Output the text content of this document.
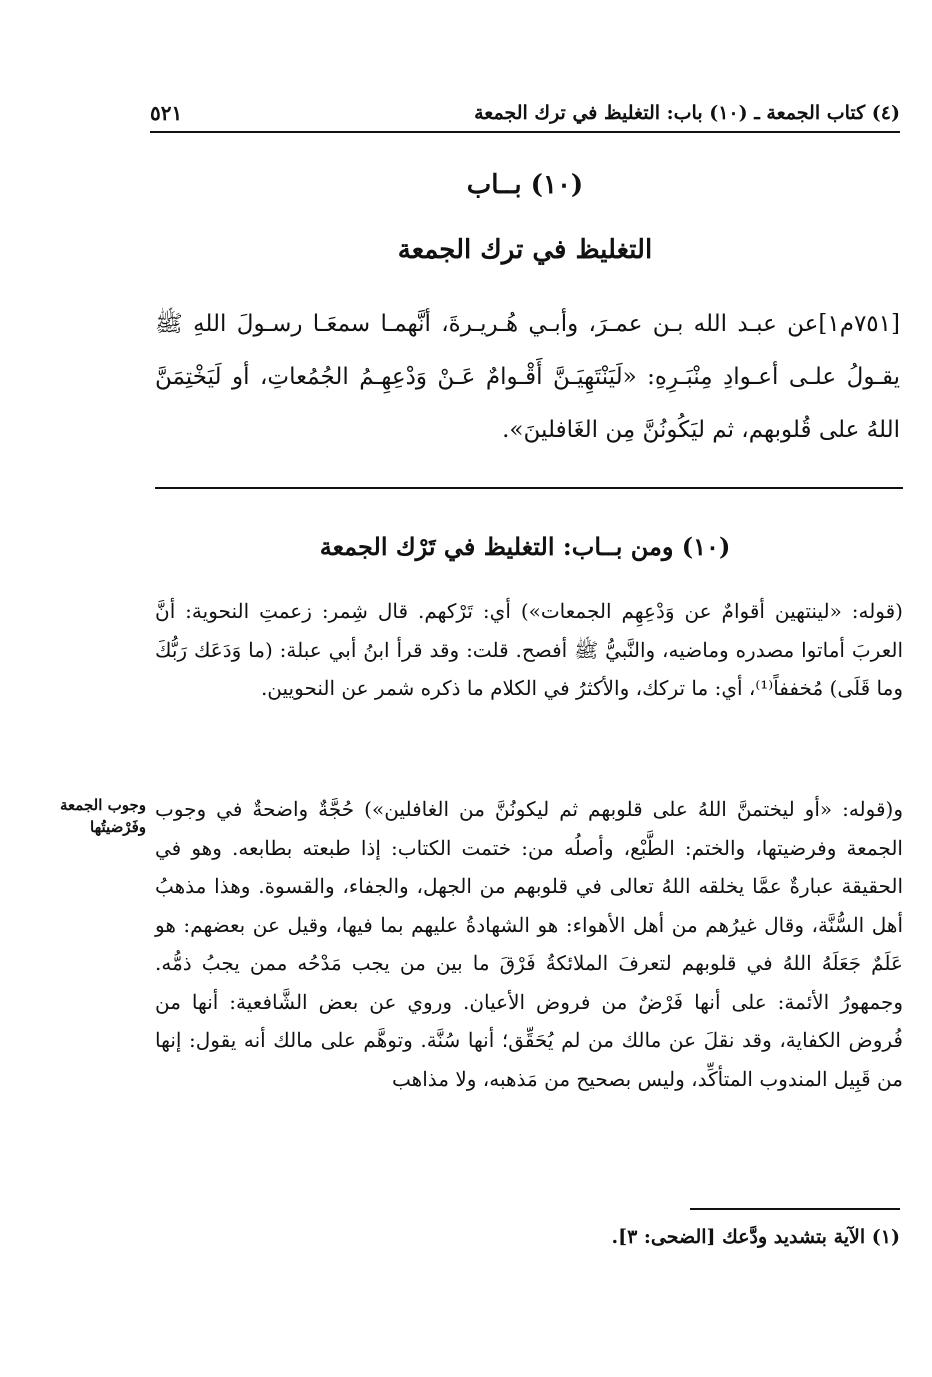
(٤) كتاب الجمعة ـ (١٠) باب: التغليظ في ترك الجمعة
٥٢١
(١٠) بــاب
التغليظ في ترك الجمعة
[٧٥١م١]عن عبـد الله بـن عمـرَ، وأبـي هُـريـرةَ، أنَّهمـا سمعَـا رسـولَ اللهِ ﷺ يقـولُ علـى أعـوادِ مِنْبَـرِهِ: «لَيَنْتَهِيَـنَّ أَقْـوامٌ عَـنْ وَدْعِهِـمُ الجُمُعاتِ، أو لَيَخْتِمَنَّ اللهُ على قُلوبهم، ثم ليَكُونُنَّ مِن الغَافلينَ».
(١٠) ومن بــاب: التغليظ في تَرْك الجمعة
(قوله: «لينتهين أقوامٌ عن وَدْعِهِم الجمعات») أي: تَرْكهم. قال شِمر: زعمتِ النحوية: أنَّ العربَ أماتوا مصدره وماضيه، والنَّبيُّ ﷺ أفصح. قلت: وقد قرأ ابنُ أبي عبلة: (ما وَدَعَك رَبُّكَ وما قَلَى) مُخففاً⁽¹⁾، أي: ما تركك، والأكثرُ في الكلام ما ذكره شمر عن النحويين.
و(قوله: «أو ليختمنَّ اللهُ على قلوبهم ثم ليكونُنَّ من الغافلين») حُجَّةٌ واضحةٌ في وجوب الجمعة وفرضيتها، والختم: الطَّبْع، وأصلُه من: ختمت الكتاب: إذا طبعته بطابعه. وهو في الحقيقة عبارةٌ عمَّا يخلقه اللهُ تعالى في قلوبهم من الجهل، والجفاء، والقسوة. وهذا مذهبُ أهل السُّنَّة، وقال غيرُهم من أهل الأهواء: هو الشهادةُ عليهم بما فيها، وقيل عن بعضهم: هو عَلَمٌ جَعَلَهُ اللهُ في قلوبهم لتعرفَ الملائكةُ فَرْقَ ما بين من يجب مَدْحُه ممن يجبُ ذمُّه. وجمهورُ الأئمة: على أنها فَرْضٌ من فروض الأعيان. وروي عن بعض الشَّافعية: أنها من فُروض الكفاية، وقد نقلَ عن مالك من لم يُحَقِّق؛ أنها سُنَّة. وتوهَّم على مالك أنه يقول: إنها من قَبِيل المندوب المتأكِّد، وليس بصحيح من مَذهبه، ولا مذاهب
وجوب الجمعة وفَرْضيتُها
(١) الآية بتشديد ودَّعك [الضحى: ٣].
